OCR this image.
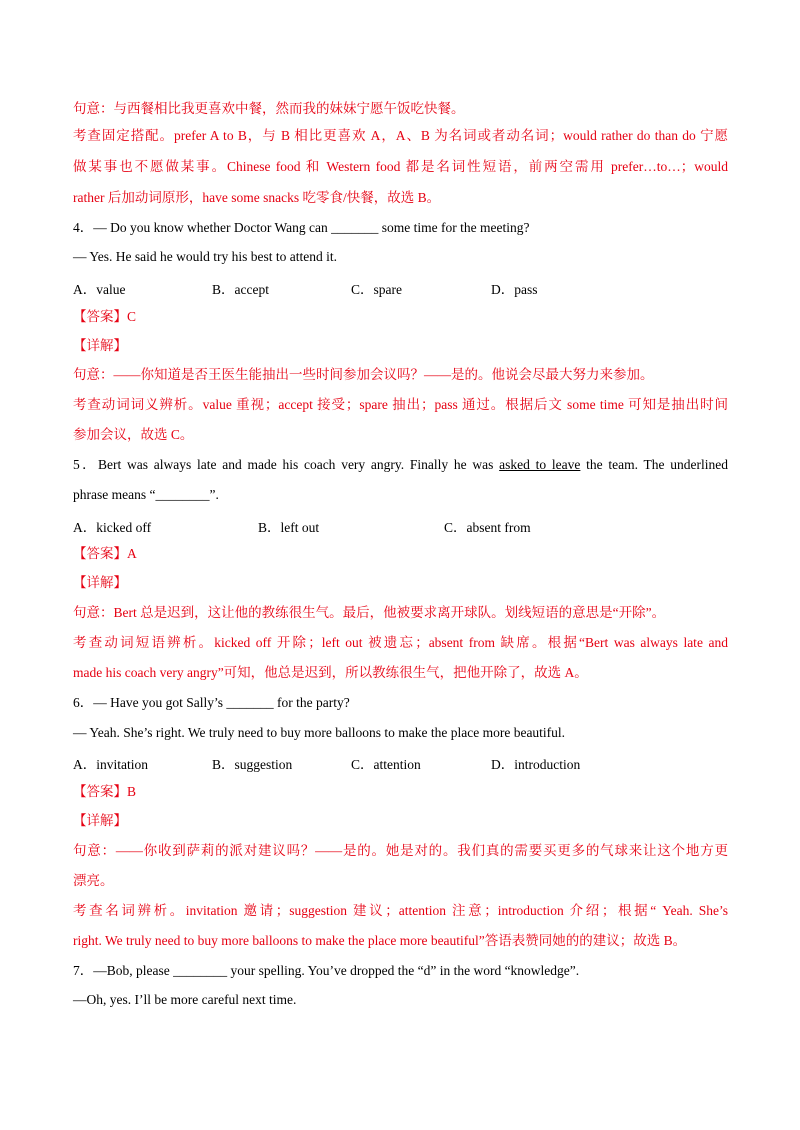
句意：与西餐相比我更喜欢中餐，然而我的妹妹宁愿午饭吃快餐。
考查固定搭配。prefer A to B，与 B 相比更喜欢 A，A、B 为名词或者动名词；would rather do than do 宁愿
做某事也不愿做某事。Chinese food 和 Western food 都是名词性短语，前两空需用 prefer…to…；would
rather 后加动词原形，have some snacks 吃零食/快餐，故选 B。
4．— Do you know whether Doctor Wang can _______ some time for the meeting?
— Yes. He said he would try his best to attend it.
A．value	B．accept	C．spare	D．pass
【答案】C
【详解】
句意：——你知道是否王医生能抽出一些时间参加会议吗？——是的。他说会尽最大努力来参加。
考查动词词义辨析。value 重视；accept 接受；spare 抽出；pass 通过。根据后文 some time 可知是抽出时间
参加会议，故选 C。
5．Bert was always late and made his coach very angry. Finally he was asked to leave the team. The underlined
phrase means “________”.
A．kicked off	B．left out	C．absent from
【答案】A
【详解】
句意：Bert 总是迟到，这让他的教练很生气。最后，他被要求离开球队。划线短语的意思是“开除”。
考查动词短语辨析。kicked off 开除；left out 被遗忘；absent from 缺席。根据“Bert was always late and
made his coach very angry”可知，他总是迟到，所以教练很生气，把他开除了，故选 A。
6．— Have you got Sally’s _______ for the party?
— Yeah. She’s right. We truly need to buy more balloons to make the place more beautiful.
A．invitation	B．suggestion	C．attention	D．introduction
【答案】B
【详解】
句意：——你收到萨莉的派对建议吗？——是的。她是对的。我们真的需要买更多的气球来让这个地方更
漂亮。
考查名词辨析。invitation 邀请；suggestion 建议；attention 注意；introduction 介绍；根据“ Yeah. She’s
right. We truly need to buy more balloons to make the place more beautiful”答语表赞同她的的建议；故选 B。
7．—Bob, please ________ your spelling. You’ve dropped the “d” in the word “knowledge”.
—Oh, yes. I’ll be more careful next time.
